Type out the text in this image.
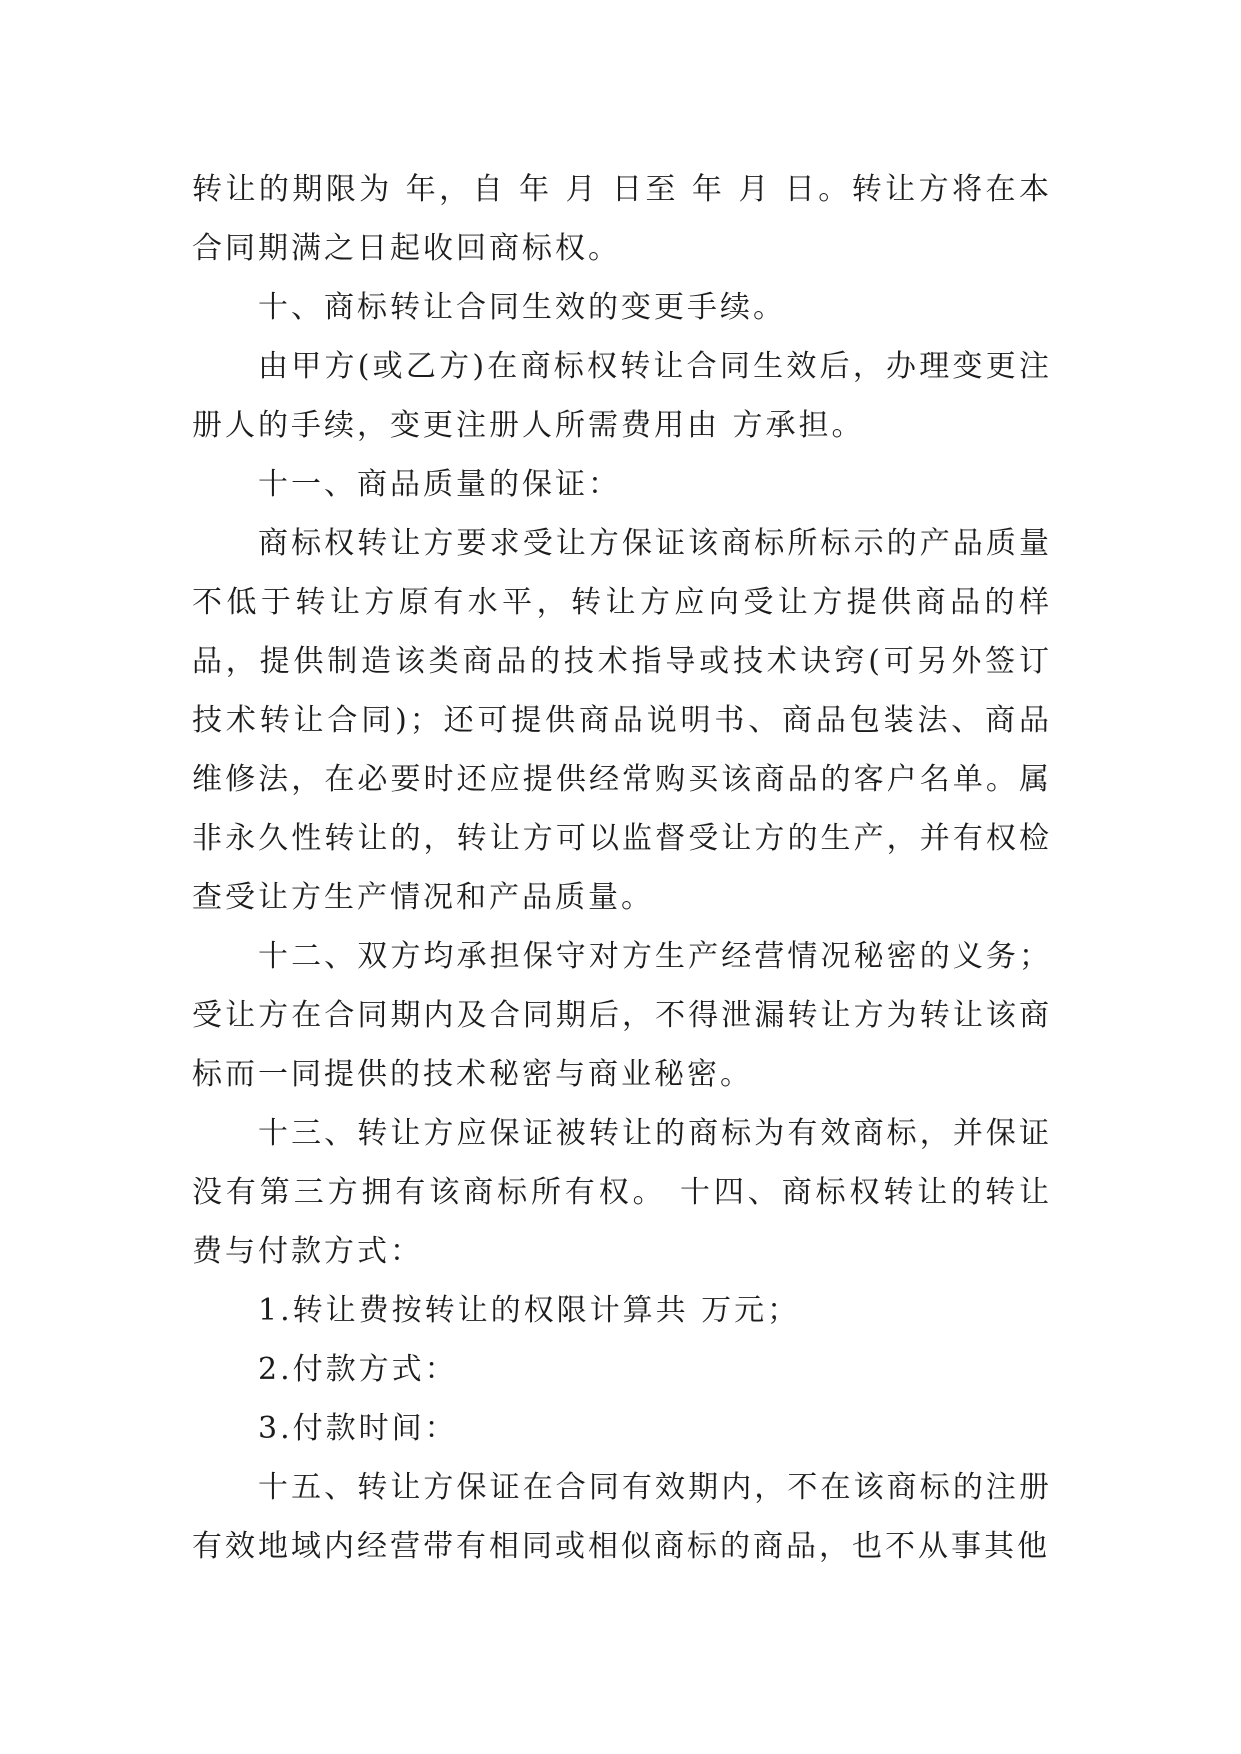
转让的期限为 年，自 年 月 日至 年 月 日。转让方将在本合同期满之日起收回商标权。

十、商标转让合同生效的变更手续。

由甲方(或乙方)在商标权转让合同生效后，办理变更注册人的手续，变更注册人所需费用由 方承担。

十一、商品质量的保证：

商标权转让方要求受让方保证该商标所标示的产品质量不低于转让方原有水平，转让方应向受让方提供商品的样品，提供制造该类商品的技术指导或技术诀窍(可另外签订技术转让合同)；还可提供商品说明书、商品包装法、商品维修法，在必要时还应提供经常购买该商品的客户名单。属非永久性转让的，转让方可以监督受让方的生产，并有权检查受让方生产情况和产品质量。

十二、双方均承担保守对方生产经营情况秘密的义务；受让方在合同期内及合同期后，不得泄漏转让方为转让该商标而一同提供的技术秘密与商业秘密。

十三、转让方应保证被转让的商标为有效商标，并保证没有第三方拥有该商标所有权。 十四、商标权转让的转让费与付款方式：

1.转让费按转让的权限计算共 万元；

2.付款方式：

3.付款时间：

十五、转让方保证在合同有效期内，不在该商标的注册有效地域内经营带有相同或相似商标的商品，也不从事其他
